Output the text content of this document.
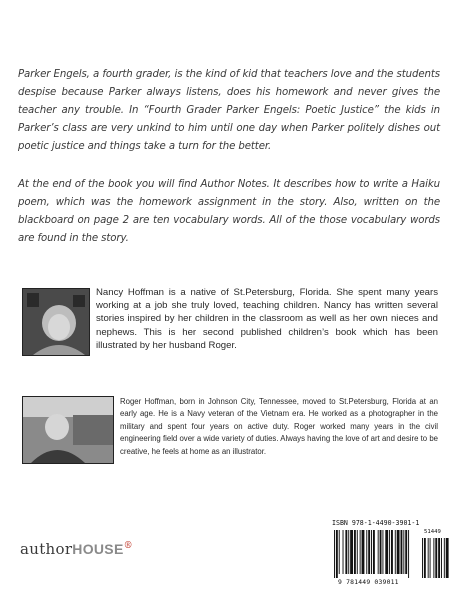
Parker Engels, a fourth grader, is the kind of kid that teachers love and the students despise because Parker always listens, does his homework and never gives the teacher any trouble. In “Fourth Grader Parker Engels: Poetic Justice” the kids in Parker’s class are very unkind to him until one day when Parker politely dishes out poetic justice and things take a turn for the better.
At the end of the book you will find Author Notes. It describes how to write a Haiku poem, which was the homework assignment in the story. Also, written on the blackboard on page 2 are ten vocabulary words. All of the those vocabulary words are found in the story.
Nancy Hoffman is a native of St.Petersburg, Florida. She spent many years working at a job she truly loved, teaching children. Nancy has written several stories inspired by her children in the classroom as well as her own nieces and nephews. This is her second published children’s book which has been illustrated by her husband Roger.
Roger Hoffman, born in Johnson City, Tennessee, moved to St.Petersburg, Florida at an early age. He is a Navy veteran of the Vietnam era. He worked as a photographer in the military and spent four years on active duty. Roger worked many years in the civil engineering field over a wide variety of duties. Always having the love of art and desire to be creative, he feels at home as an illustrator.
authorHOUSE®
ISBN 978-1-4490-3901-1
51449
9 781449 039011
